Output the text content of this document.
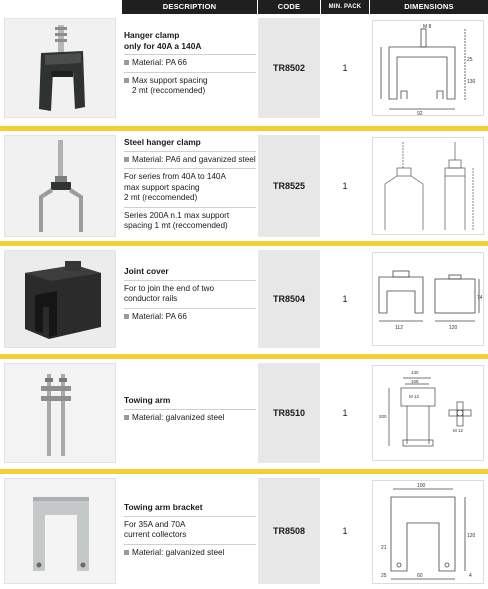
DESCRIPTION	CODE	MIN. PACK QTY.
DIMENSIONS
Hanger clamp
only for 40A a 140A
Material: PA 66
Max support spacing
2 mt (reccomended)
TR8502	1
M 8
25
130
92
Steel hanger clamp
Material: PA6 and gavanized steel
For series from 40A to 140A
max support spacing
2 mt (reccomended)
Series 200A n.1 max support
spacing 1 mt (reccomended)
TR8525	1
Joint cover
For to join the end of two
conductor rails
Material: PA 66
TR8504	1
112	120
74
Towing arm
Material: galvanized steel	TR8510	1
130
105
M 12
200
M 12
Towing arm bracket
For 35A and 70A
current collectors
Material: galvanized steel
TR8508	1
100
21
120
60
25	4
